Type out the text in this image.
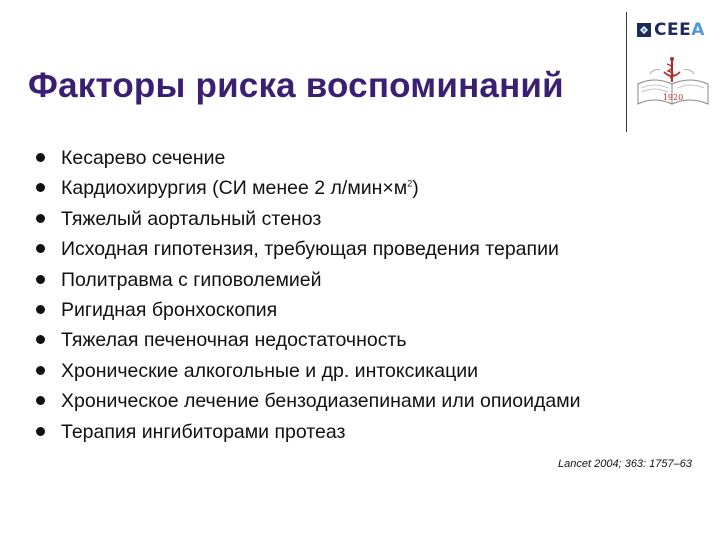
Факторы риска воспоминаний
CEEA
1920
Кесарево сечение
Кардиохирургия (СИ менее 2 $л/мин\times м^2$)
Тяжелый аортальный стеноз
Исходная гипотензия, требующая проведения терапии
Политравма с гиповолемией
Ригидная бронхоскопия
Тяжелая печеночная недостаточность
Хронические алкогольные и др. интоксикации
Хроническое лечение бензодиазепинами или опиоидами
Терапия ингибиторами протеаз
Lancet 2004; 363: 1757–63
